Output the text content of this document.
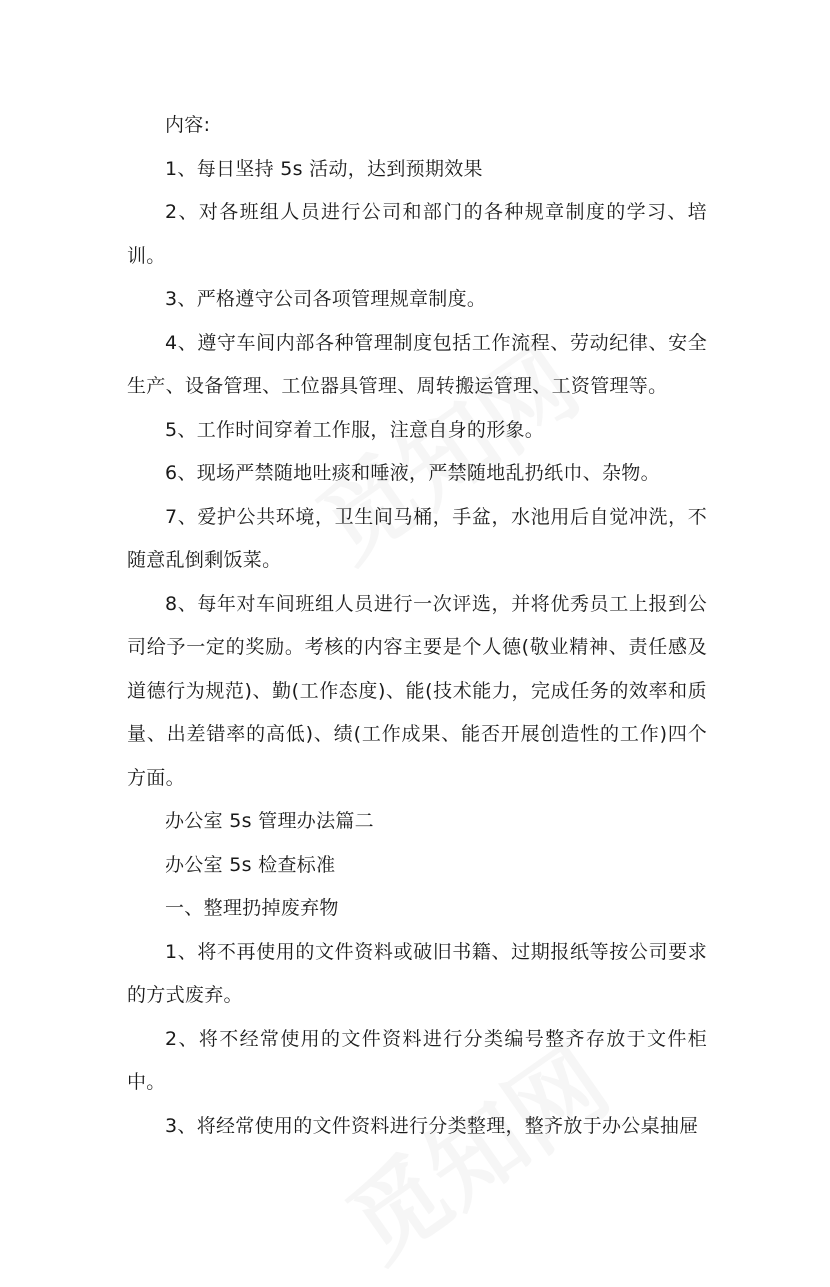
内容:

1、每日坚持 5s 活动，达到预期效果

2、对各班组人员进行公司和部门的各种规章制度的学习、培训。

3、严格遵守公司各项管理规章制度。

4、遵守车间内部各种管理制度包括工作流程、劳动纪律、安全生产、设备管理、工位器具管理、周转搬运管理、工资管理等。

5、工作时间穿着工作服，注意自身的形象。

6、现场严禁随地吐痰和唾液，严禁随地乱扔纸巾、杂物。

7、爱护公共环境，卫生间马桶，手盆，水池用后自觉冲洗，不随意乱倒剩饭菜。

8、每年对车间班组人员进行一次评选，并将优秀员工上报到公司给予一定的奖励。考核的内容主要是个人德(敬业精神、责任感及道德行为规范)、勤(工作态度)、能(技术能力，完成任务的效率和质量、出差错率的高低)、绩(工作成果、能否开展创造性的工作)四个方面。

办公室 5s 管理办法篇二

办公室 5s 检查标准

一、整理扔掉废弃物

1、将不再使用的文件资料或破旧书籍、过期报纸等按公司要求的方式废弃。

2、将不经常使用的文件资料进行分类编号整齐存放于文件柜中。

3、将经常使用的文件资料进行分类整理，整齐放于办公桌抽屉
